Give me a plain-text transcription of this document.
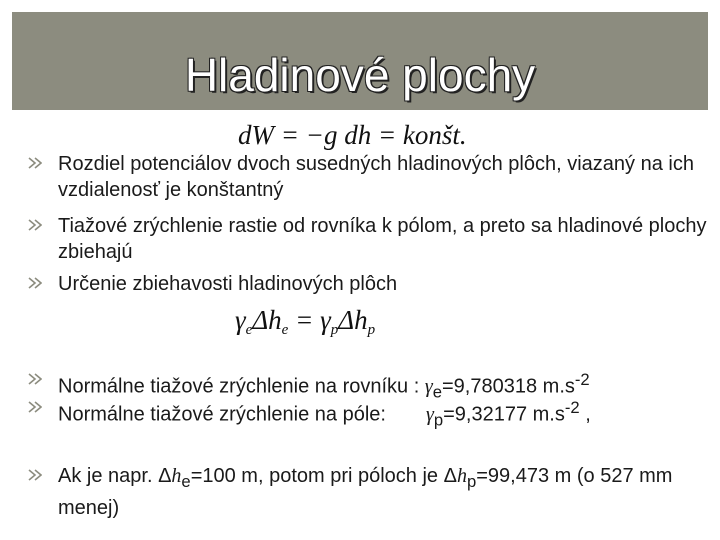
Hladinové plochy
dW = −g dh = konšt.
Rozdiel potenciálov dvoch susedných hladinových plôch, viazaný na ich vzdialenosť je konštantný
Tiažové zrýchlenie rastie od rovníka k pólom, a preto sa hladinové plochy zbiehajú
Určenie zbiehavosti hladinových plôch
$\gamma_e\Delta h_e = \gamma_p\Delta h_p$
Normálne tiažové zrýchlenie na rovníku : $\gamma_e=9,780318$ $m.s^{-2}$
Normálne tiažové zrýchlenie na póle: $\gamma_p=9,32177$ $m.s^{-2}$ ,
Ak je napr. $\Delta h_e=100$ m, potom pri póloch je $\Delta h_p=99,473$ m (o 527 mm menej)
